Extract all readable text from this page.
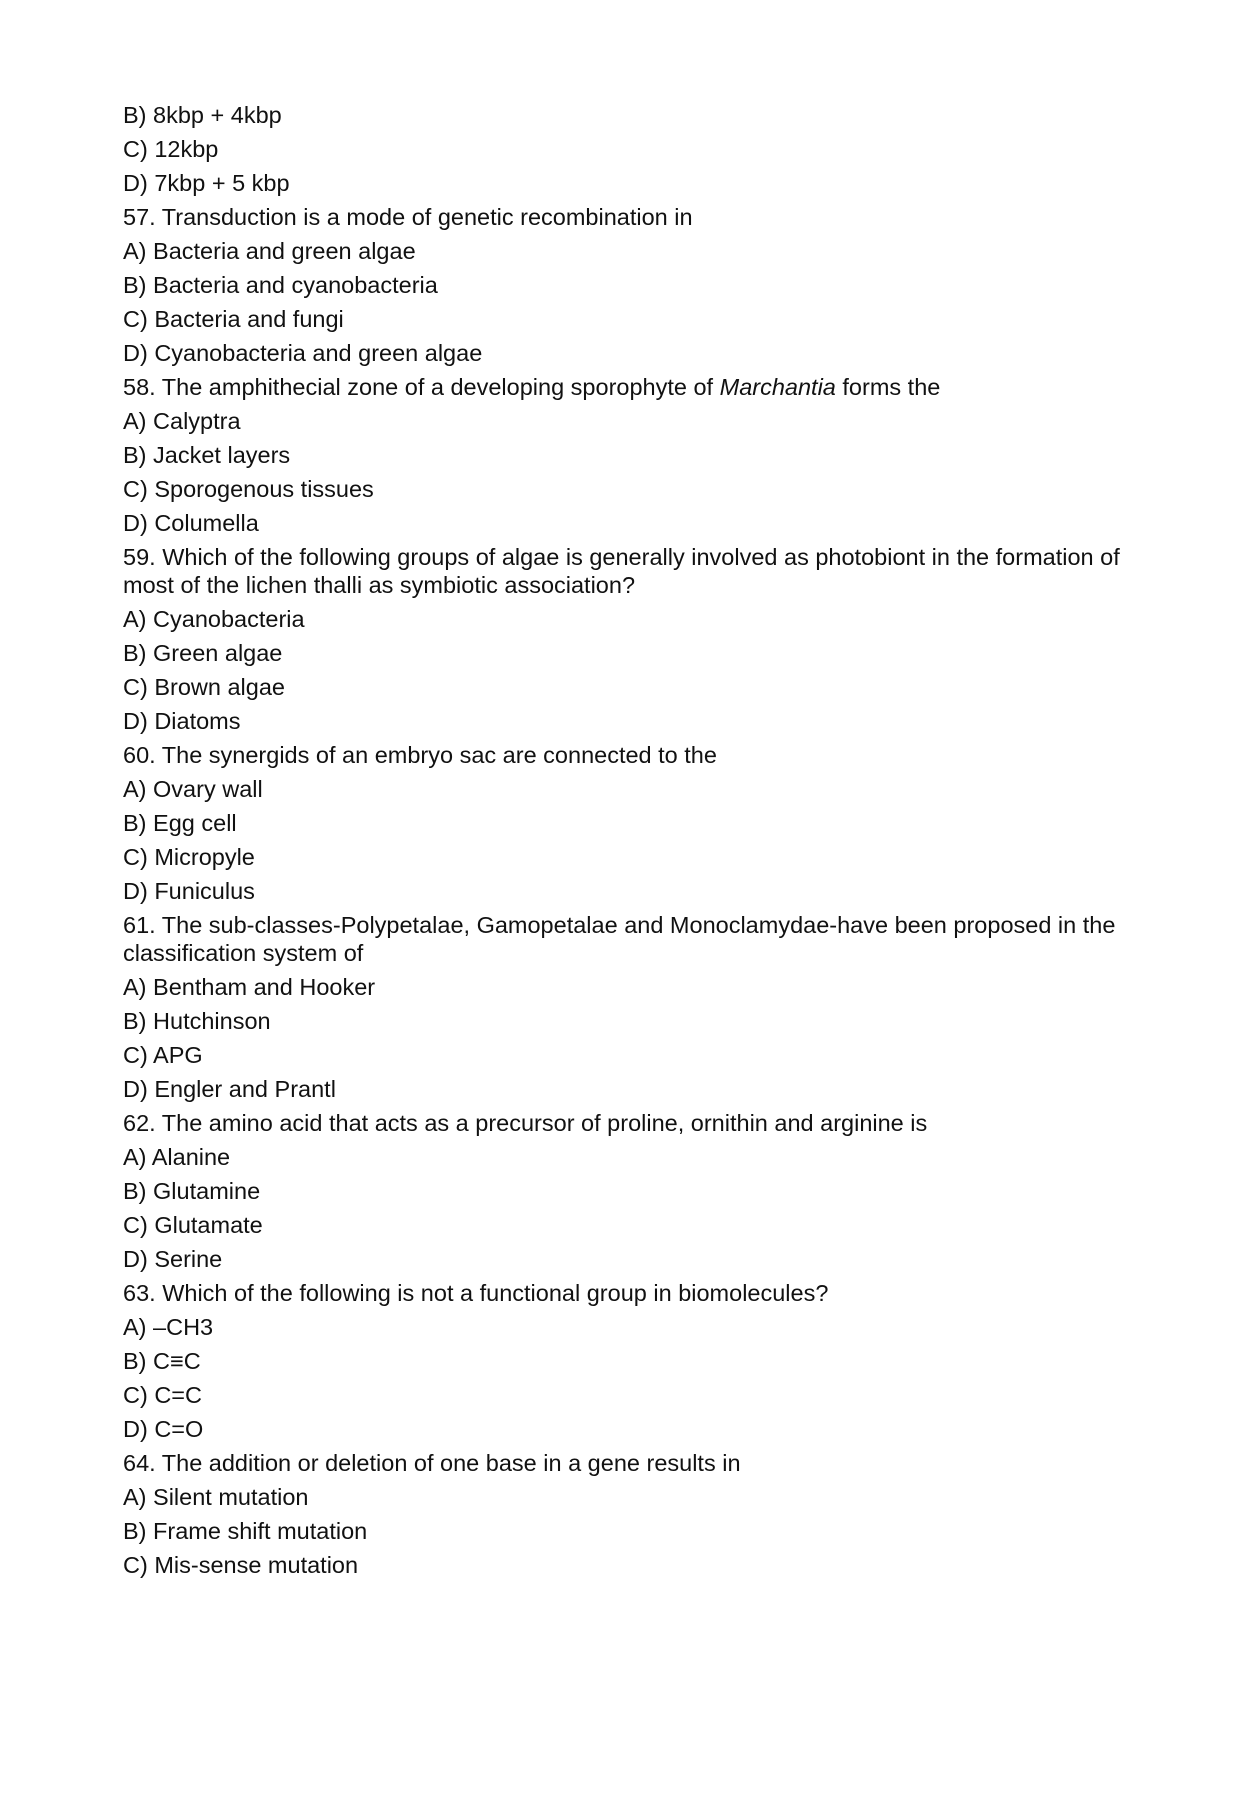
B) 8kbp + 4kbp

C) 12kbp

D) 7kbp + 5 kbp

57. Transduction is a mode of genetic recombination in

A) Bacteria and green algae

B) Bacteria and cyanobacteria

C) Bacteria and fungi

D) Cyanobacteria and green algae

58. The amphithecial zone of a developing sporophyte of Marchantia forms the

A) Calyptra

B) Jacket layers

C) Sporogenous tissues

D) Columella

59. Which of the following groups of algae is generally involved as photobiont in the formation of most of the lichen thalli as symbiotic association?

A) Cyanobacteria

B) Green algae

C) Brown algae

D) Diatoms

60. The synergids of an embryo sac are connected to the

A) Ovary wall

B) Egg cell

C) Micropyle

D) Funiculus

61. The sub-classes-Polypetalae, Gamopetalae and Monoclamydae-have been proposed in the classification system of

A) Bentham and Hooker

B) Hutchinson

C) APG

D) Engler and Prantl

62. The amino acid that acts as a precursor of proline, ornithin and arginine is

A) Alanine

B) Glutamine

C) Glutamate

D) Serine

63. Which of the following is not a functional group in biomolecules?

A) –CH3

B) C≡C

C) C=C

D) C=O

64. The addition or deletion of one base in a gene results in

A) Silent mutation

B) Frame shift mutation

C) Mis-sense mutation
